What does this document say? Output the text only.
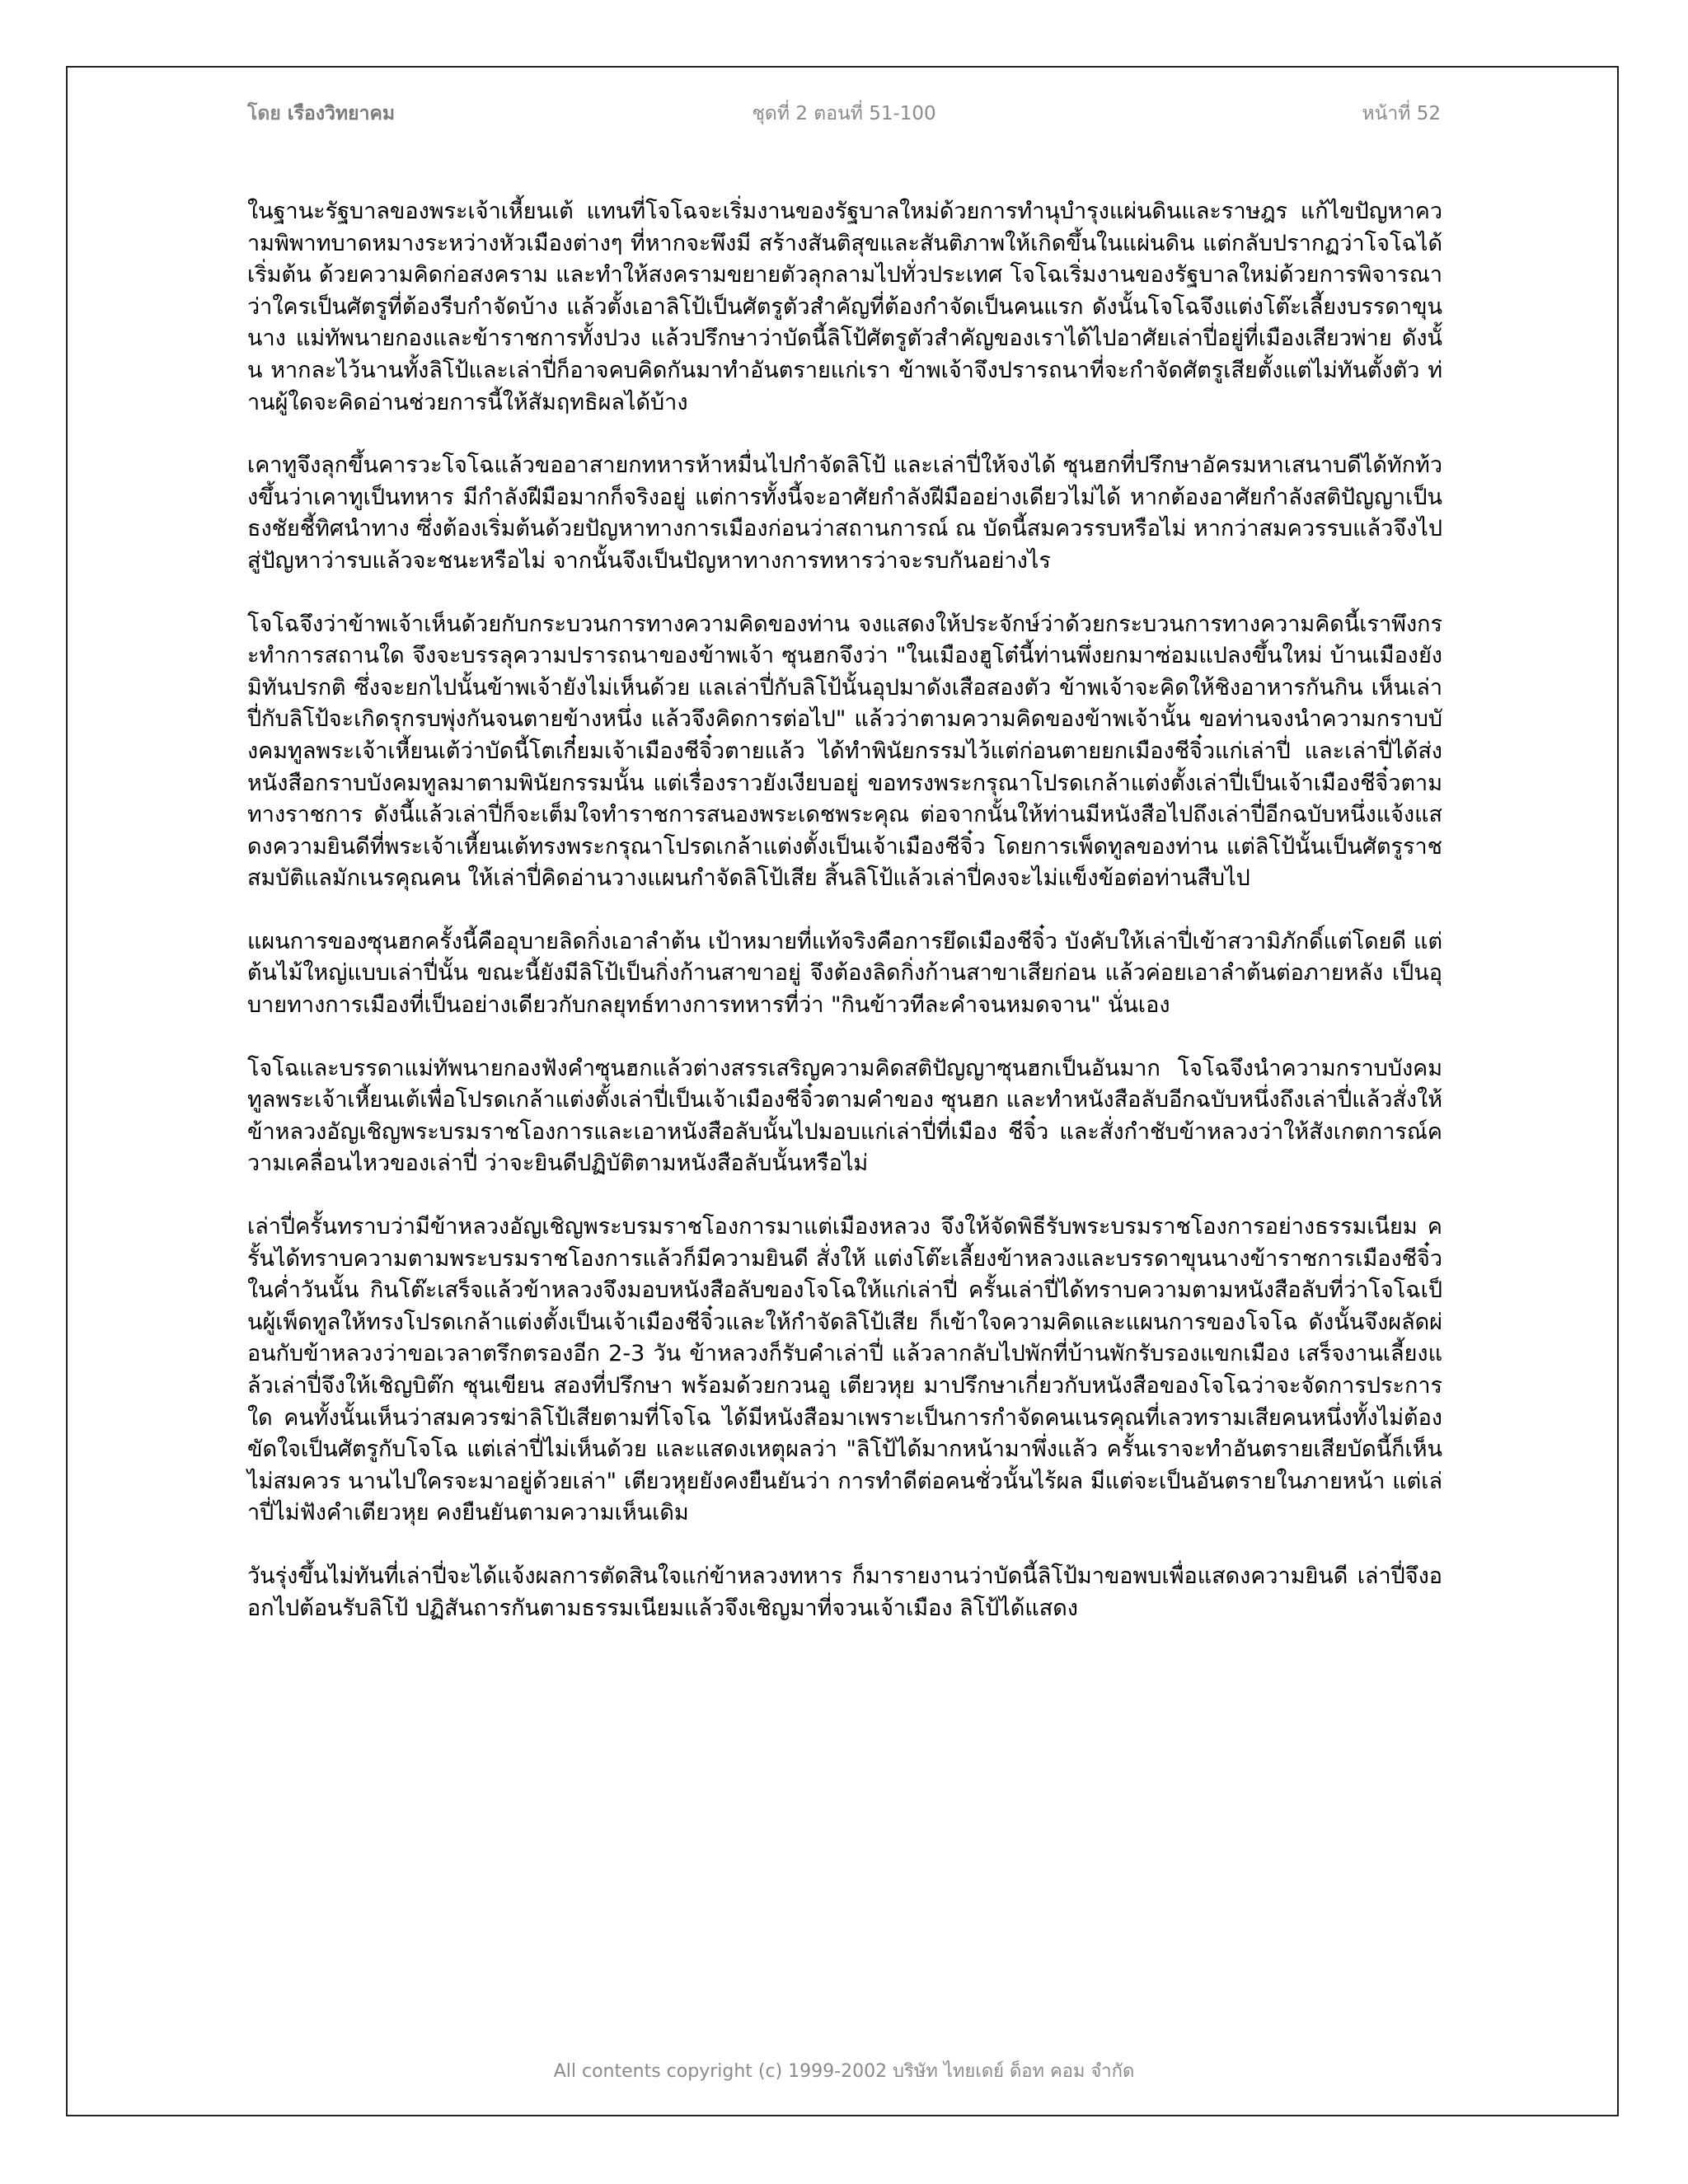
โดย เรืองวิทยาคม	ชุดที่ 2 ตอนที่ 51-100	หน้าที่ 52

ในฐานะรัฐบาลของพระเจ้าเหี้ยนเต้ แทนที่โจโฉจะเริ่มงานของรัฐบาลใหม่ด้วยการทำนุบำรุงแผ่นดินและราษฎร แก้ไขปัญหาความพิพาทบาดหมางระหว่างหัวเมืองต่างๆ ที่หากจะพึงมี สร้างสันติสุขและสันติภาพให้เกิดขึ้นในแผ่นดิน แต่กลับปรากฏว่าโจโฉได้เริ่มต้น ด้วยความคิดก่อสงคราม และทำให้สงครามขยายตัวลุกลามไปทั่วประเทศ โจโฉเริ่มงานของรัฐบาลใหม่ด้วยการพิจารณาว่าใครเป็นศัตรูที่ต้องรีบกำจัดบ้าง แล้วตั้งเอาลิโป้เป็นศัตรูตัวสำคัญที่ต้องกำจัดเป็นคนแรก ดังนั้นโจโฉจึงแต่งโต๊ะเลี้ยงบรรดาขุนนาง แม่ทัพนายกองและข้าราชการทั้งปวง แล้วปรึกษาว่าบัดนี้ลิโป้ศัตรูตัวสำคัญของเราได้ไปอาศัยเล่าปี่อยู่ที่เมืองเสียวพ่าย ดังนั้น หากละไว้นานทั้งลิโป้และเล่าปี่ก็อาจคบคิดกันมาทำอันตรายแก่เรา ข้าพเจ้าจึงปรารถนาที่จะกำจัดศัตรูเสียตั้งแต่ไม่ทันตั้งตัว ท่านผู้ใดจะคิดอ่านช่วยการนี้ให้สัมฤทธิผลได้บ้าง

เคาทูจึงลุกขึ้นคารวะโจโฉแล้วขออาสายกทหารห้าหมื่นไปกำจัดลิโป้ และเล่าปี่ให้จงได้ ซุนฮกที่ปรึกษาอัครมหาเสนาบดีได้ทักท้วงขึ้นว่าเคาทูเป็นทหาร มีกำลังฝีมือมากก็จริงอยู่ แต่การทั้งนี้จะอาศัยกำลังฝีมืออย่างเดียวไม่ได้ หากต้องอาศัยกำลังสติปัญญาเป็นธงชัยชี้ทิศนำทาง ซึ่งต้องเริ่มต้นด้วยปัญหาทางการเมืองก่อนว่าสถานการณ์ ณ บัดนี้สมควรรบหรือไม่ หากว่าสมควรรบแล้วจึงไปสู่ปัญหาว่ารบแล้วจะชนะหรือไม่ จากนั้นจึงเป็นปัญหาทางการทหารว่าจะรบกันอย่างไร

โจโฉจึงว่าข้าพเจ้าเห็นด้วยกับกระบวนการทางความคิดของท่าน จงแสดงให้ประจักษ์ว่าด้วยกระบวนการทางความคิดนี้เราพึงกระทำการสถานใด จึงจะบรรลุความปรารถนาของข้าพเจ้า ซุนฮกจึงว่า "ในเมืองฮูโต๋นี้ท่านพึ่งยกมาซ่อมแปลงขึ้นใหม่ บ้านเมืองยังมิทันปรกติ ซึ่งจะยกไปนั้นข้าพเจ้ายังไม่เห็นด้วย แลเล่าปี่กับลิโป้นั้นอุปมาดังเสือสองตัว ข้าพเจ้าจะคิดให้ชิงอาหารกันกิน เห็นเล่าปี่กับลิโป้จะเกิดรุกรบพุ่งกันจนตายข้างหนึ่ง แล้วจึงคิดการต่อไป" แล้วว่าตามความคิดของข้าพเจ้านั้น ขอท่านจงนำความกราบบังคมทูลพระเจ้าเหี้ยนเต้ว่าบัดนี้โตเกี๋ยมเจ้าเมืองชีจิ๋วตายแล้ว ได้ทำพินัยกรรมไว้แต่ก่อนตายยกเมืองชีจิ๋วแก่เล่าปี่ และเล่าปี่ได้ส่งหนังสือกราบบังคมทูลมาตามพินัยกรรมนั้น แต่เรื่องราวยังเงียบอยู่ ขอทรงพระกรุณาโปรดเกล้าแต่งตั้งเล่าปี่เป็นเจ้าเมืองชีจิ๋วตามทางราชการ ดังนี้แล้วเล่าปี่ก็จะเต็มใจทำราชการสนองพระเดชพระคุณ ต่อจากนั้นให้ท่านมีหนังสือไปถึงเล่าปี่อีกฉบับหนึ่งแจ้งแสดงความยินดีที่พระเจ้าเหี้ยนเต้ทรงพระกรุณาโปรดเกล้าแต่งตั้งเป็นเจ้าเมืองชีจิ๋ว โดยการเพ็ดทูลของท่าน แต่ลิโป้นั้นเป็นศัตรูราชสมบัติแลมักเนรคุณคน ให้เล่าปี่คิดอ่านวางแผนกำจัดลิโป้เสีย สิ้นลิโป้แล้วเล่าปี่คงจะไม่แข็งข้อต่อท่านสืบไป

แผนการของซุนฮกครั้งนี้คืออุบายลิดกิ่งเอาลำต้น เป้าหมายที่แท้จริงคือการยึดเมืองชีจิ๋ว บังคับให้เล่าปี่เข้าสวามิภักดิ์แต่โดยดี แต่ต้นไม้ใหญ่แบบเล่าปี่นั้น ขณะนี้ยังมีลิโป้เป็นกิ่งก้านสาขาอยู่ จึงต้องลิดกิ่งก้านสาขาเสียก่อน แล้วค่อยเอาลำต้นต่อภายหลัง เป็นอุบายทางการเมืองที่เป็นอย่างเดียวกับกลยุทธ์ทางการทหารที่ว่า "กินข้าวทีละคำจนหมดจาน" นั่นเอง

โจโฉและบรรดาแม่ทัพนายกองฟังคำซุนฮกแล้วต่างสรรเสริญความคิดสติปัญญาซุนฮกเป็นอันมาก โจโฉจึงนำความกราบบังคมทูลพระเจ้าเหี้ยนเต้เพื่อโปรดเกล้าแต่งตั้งเล่าปี่เป็นเจ้าเมืองชีจิ๋วตามคำของ ซุนฮก และทำหนังสือลับอีกฉบับหนึ่งถึงเล่าปี่แล้วสั่งให้ข้าหลวงอัญเชิญพระบรมราชโองการและเอาหนังสือลับนั้นไปมอบแก่เล่าปี่ที่เมือง ชีจิ๋ว และสั่งกำชับข้าหลวงว่าให้สังเกตการณ์ความเคลื่อนไหวของเล่าปี่ ว่าจะยินดีปฏิบัติตามหนังสือลับนั้นหรือไม่

เล่าปี่ครั้นทราบว่ามีข้าหลวงอัญเชิญพระบรมราชโองการมาแต่เมืองหลวง จึงให้จัดพิธีรับพระบรมราชโองการอย่างธรรมเนียม ครั้นได้ทราบความตามพระบรมราชโองการแล้วก็มีความยินดี สั่งให้ แต่งโต๊ะเลี้ยงข้าหลวงและบรรดาขุนนางข้าราชการเมืองชีจิ๋วในค่ำวันนั้น กินโต๊ะเสร็จแล้วข้าหลวงจึงมอบหนังสือลับของโจโฉให้แก่เล่าปี่ ครั้นเล่าปี่ได้ทราบความตามหนังสือลับที่ว่าโจโฉเป็นผู้เพ็ดทูลให้ทรงโปรดเกล้าแต่งตั้งเป็นเจ้าเมืองชีจิ๋วและให้กำจัดลิโป้เสีย ก็เข้าใจความคิดและแผนการของโจโฉ ดังนั้นจึงผลัดผ่อนกับข้าหลวงว่าขอเวลาตรึกตรองอีก 2-3 วัน ข้าหลวงก็รับคำเล่าปี่ แล้วลากลับไปพักที่บ้านพักรับรองแขกเมือง เสร็จงานเลี้ยงแล้วเล่าปี่จึงให้เชิญบิต๊ก ซุนเขียน สองที่ปรึกษา พร้อมด้วยกวนอู เตียวหุย มาปรึกษาเกี่ยวกับหนังสือของโจโฉว่าจะจัดการประการใด คนทั้งนั้นเห็นว่าสมควรฆ่าลิโป้เสียตามที่โจโฉ ได้มีหนังสือมาเพราะเป็นการกำจัดคนเนรคุณที่เลวทรามเสียคนหนึ่งทั้งไม่ต้องขัดใจเป็นศัตรูกับโจโฉ แต่เล่าปี่ไม่เห็นด้วย และแสดงเหตุผลว่า "ลิโป้ได้มากหน้ามาพึ่งแล้ว ครั้นเราจะทำอันตรายเสียบัดนี้ก็เห็นไม่สมควร นานไปใครจะมาอยู่ด้วยเล่า" เตียวหุยยังคงยืนยันว่า การทำดีต่อคนชั่วนั้นไร้ผล มีแต่จะเป็นอันตรายในภายหน้า แต่เล่าปี่ไม่ฟังคำเตียวหุย คงยืนยันตามความเห็นเดิม

วันรุ่งขึ้นไม่ทันที่เล่าปี่จะได้แจ้งผลการตัดสินใจแก่ข้าหลวงทหาร ก็มารายงานว่าบัดนี้ลิโป้มาขอพบเพื่อแสดงความยินดี เล่าปี่จึงออกไปต้อนรับลิโป้ ปฏิสันถารกันตามธรรมเนียมแล้วจึงเชิญมาที่จวนเจ้าเมือง ลิโป้ได้แสดง

All contents copyright (c) 1999-2002 บริษัท ไทยเดย์ ด็อท คอม จำกัด
